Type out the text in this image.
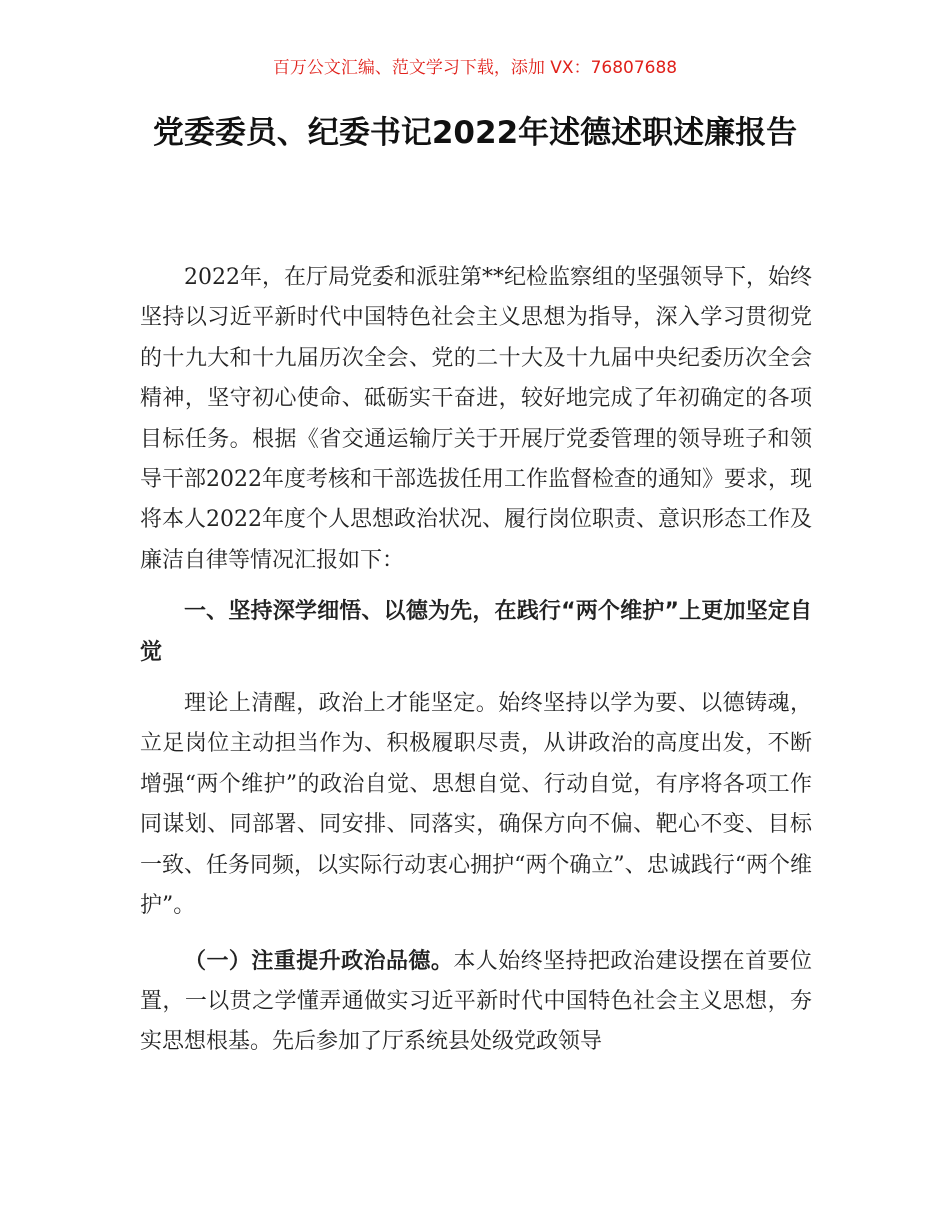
百万公文汇编、范文学习下载，添加 VX：76807688
党委委员、纪委书记2022年述德述职述廉报告

2022年，在厅局党委和派驻第**纪检监察组的坚强领导下，始终坚持以习近平新时代中国特色社会主义思想为指导，深入学习贯彻党的十九大和十九届历次全会、党的二十大及十九届中央纪委历次全会精神，坚守初心使命、砥砺实干奋进，较好地完成了年初确定的各项目标任务。根据《省交通运输厅关于开展厅党委管理的领导班子和领导干部2022年度考核和干部选拔任用工作监督检查的通知》要求，现将本人2022年度个人思想政治状况、履行岗位职责、意识形态工作及廉洁自律等情况汇报如下：

一、坚持深学细悟、以德为先，在践行“两个维护”上更加坚定自觉

理论上清醒，政治上才能坚定。始终坚持以学为要、以德铸魂，立足岗位主动担当作为、积极履职尽责，从讲政治的高度出发，不断增强“两个维护”的政治自觉、思想自觉、行动自觉，有序将各项工作同谋划、同部署、同安排、同落实，确保方向不偏、靶心不变、目标一致、任务同频，以实际行动衷心拥护“两个确立”、忠诚践行“两个维护”。

（一）注重提升政治品德。本人始终坚持把政治建设摆在首要位置，一以贯之学懂弄通做实习近平新时代中国特色社会主义思想，夯实思想根基。先后参加了厅系统县处级党政领导
